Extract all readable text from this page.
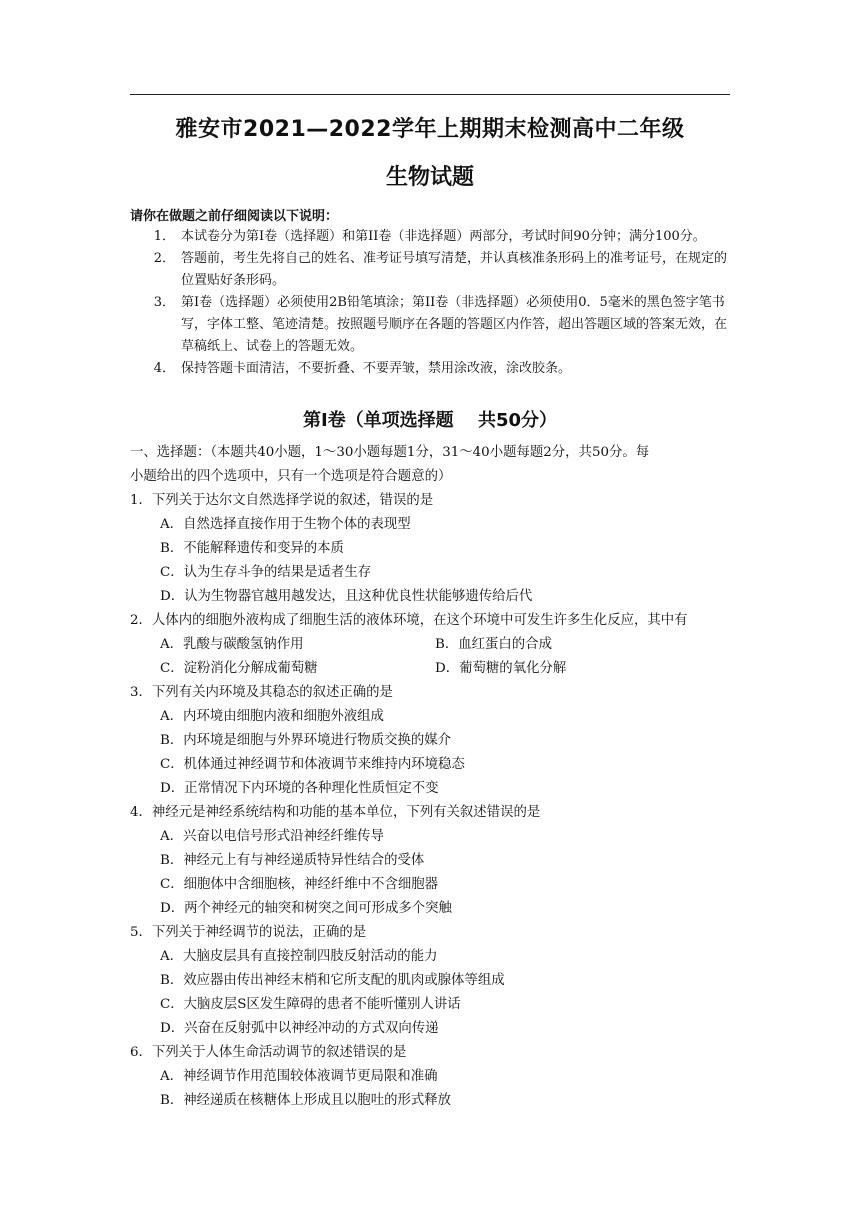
雅安市2021—2022学年上期期末检测高中二年级
生物试题
请你在做题之前仔细阅读以下说明：
1． 本试卷分为第I卷（选择题）和第II卷（非选择题）两部分，考试时间90分钟；满分100分。
2． 答题前，考生先将自己的姓名、准考证号填写清楚，并认真核准条形码上的准考证号，在规定的位置贴好条形码。
3． 第I卷（选择题）必须使用2B铅笔填涂；第II卷（非选择题）必须使用0．5毫米的黑色签字笔书写，字体工整、笔迹清楚。按照题号顺序在各题的答题区内作答，超出答题区域的答案无效，在草稿纸上、试卷上的答题无效。
4． 保持答题卡面清洁，不要折叠、不要弄皱，禁用涂改液，涂改胶条。
第I卷（单项选择题　 共50分）
一、选择题：（本题共40小题，1～30小题每题1分，31～40小题每题2分，共50分。每
小题给出的四个选项中，只有一个选项是符合题意的）
1．下列关于达尔文自然选择学说的叙述，错误的是
A．自然选择直接作用于生物个体的表现型
B．不能解释遗传和变异的本质
C．认为生存斗争的结果是适者生存
D．认为生物器官越用越发达，且这种优良性状能够遗传给后代
2．人体内的细胞外液构成了细胞生活的液体环境，在这个环境中可发生许多生化反应，其中有
A．乳酸与碳酸氢钠作用	B．血红蛋白的合成
C．淀粉消化分解成葡萄糖	D．葡萄糖的氧化分解
3．下列有关内环境及其稳态的叙述正确的是
A．内环境由细胞内液和细胞外液组成
B．内环境是细胞与外界环境进行物质交换的媒介
C．机体通过神经调节和体液调节来维持内环境稳态
D．正常情况下内环境的各种理化性质恒定不变
4．神经元是神经系统结构和功能的基本单位，下列有关叙述错误的是
A．兴奋以电信号形式沿神经纤维传导
B．神经元上有与神经递质特异性结合的受体
C．细胞体中含细胞核，神经纤维中不含细胞器
D．两个神经元的轴突和树突之间可形成多个突触
5．下列关于神经调节的说法，正确的是
A．大脑皮层具有直接控制四肢反射活动的能力
B．效应器由传出神经末梢和它所支配的肌肉或腺体等组成
C．大脑皮层S区发生障碍的患者不能听懂别人讲话
D．兴奋在反射弧中以神经冲动的方式双向传递
6．下列关于人体生命活动调节的叙述错误的是
A．神经调节作用范围较体液调节更局限和准确
B．神经递质在核糖体上形成且以胞吐的形式释放
